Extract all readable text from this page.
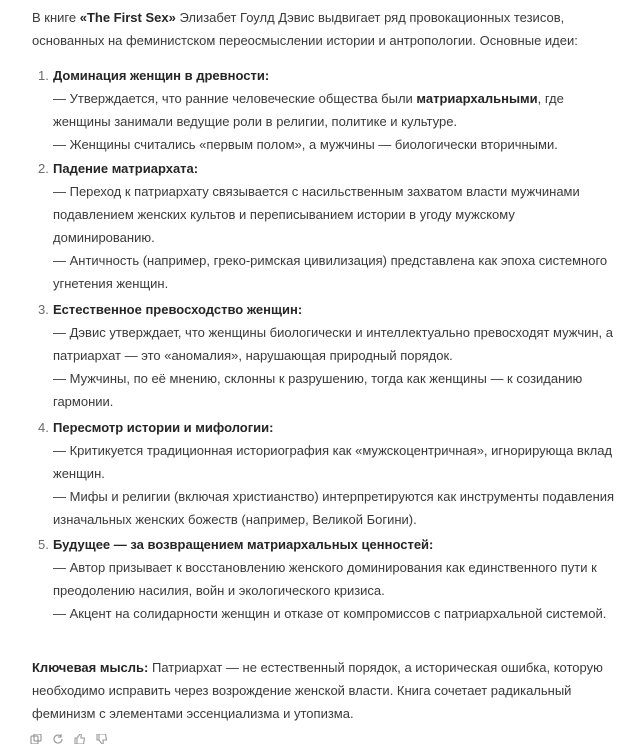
В книге «The First Sex» Элизабет Гоулд Дэвис выдвигает ряд провокационных тезисов, основанных на феминистском переосмыслении истории и антропологии. Основные идеи:
1. Доминация женщин в древности:
— Утверждается, что ранние человеческие общества были матриархальными, где женщины занимали ведущие роли в религии, политике и культуре.
— Женщины считались «первым полом», а мужчины — биологически вторичными.
2. Падение матриархата:
— Переход к патриархату связывается с насильственным захватом власти мужчинами подавлением женских культов и переписыванием истории в угоду мужскому доминированию.
— Античность (например, греко-римская цивилизация) представлена как эпоха системного угнетения женщин.
3. Естественное превосходство женщин:
— Дэвис утверждает, что женщины биологически и интеллектуально превосходят мужчин, а патриархат — это «аномалия», нарушающая природный порядок.
— Мужчины, по её мнению, склонны к разрушению, тогда как женщины — к созиданию гармонии.
4. Пересмотр истории и мифологии:
— Критикуется традиционная историография как «мужскоцентричная», игнорирующа вклад женщин.
— Мифы и религии (включая христианство) интерпретируются как инструменты подавления изначальных женских божеств (например, Великой Богини).
5. Будущее — за возвращением матриархальных ценностей:
— Автор призывает к восстановлению женского доминирования как единственного пути к преодолению насилия, войн и экологического кризиса.
— Акцент на солидарности женщин и отказе от компромиссов с патриархальной системой.
Ключевая мысль: Патриархат — не естественный порядок, а историческая ошибка, которую необходимо исправить через возрождение женской власти. Книга сочетает радикальный феминизм с элементами эссенциализма и утопизма.
